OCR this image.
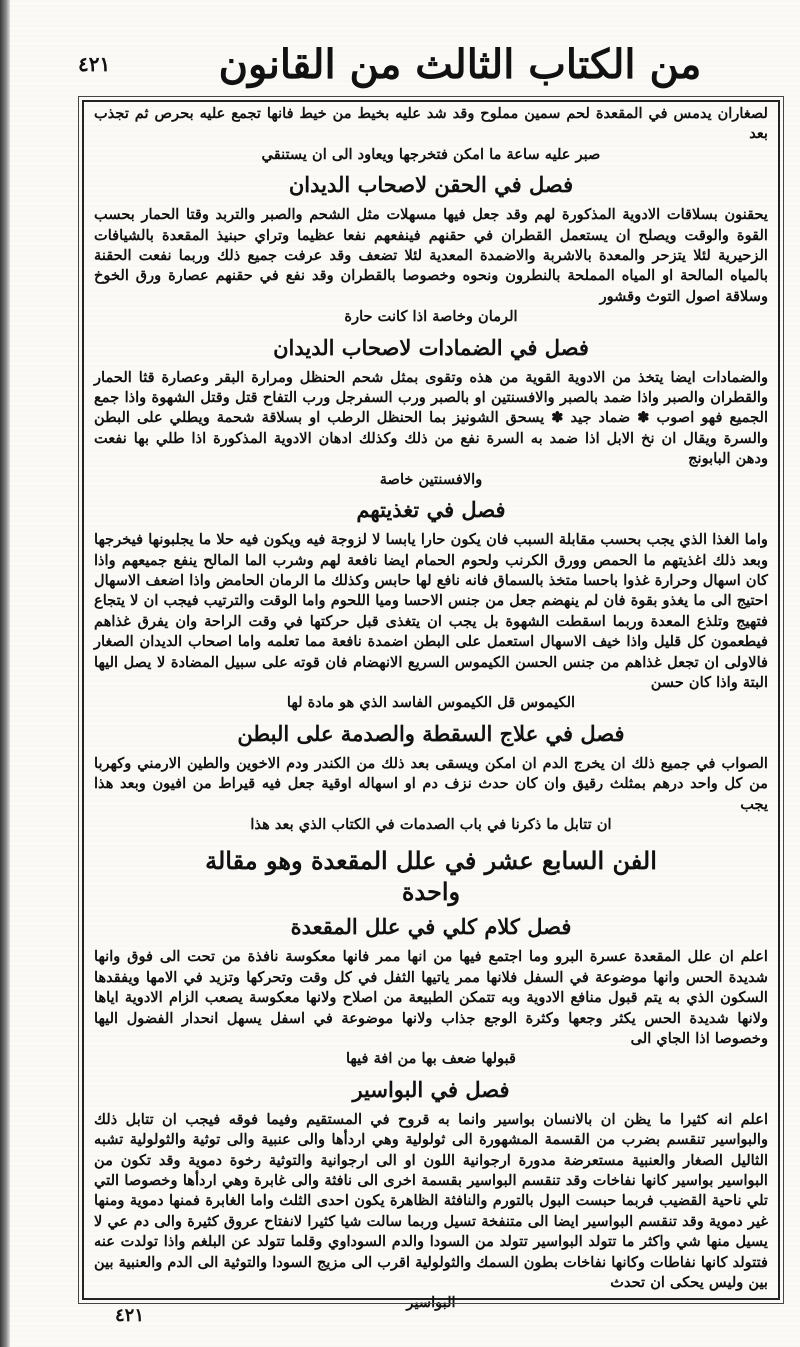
٤٢١	من الكتاب الثالث من القانون

لصغاران يدمس في المقعدة لحم سمين مملوح وقد شد عليه بخيط من خيط فانها تجمع عليه بحرص ثم تجذب بعد

صبر عليه ساعة ما امكن فتخرجها ويعاود الى ان يستنقي

فصل في الحقن لاصحاب الديدان

يحقنون بسلاقات الادوية المذكورة لهم وقد جعل فيها مسهلات مثل الشحم والصبر والتربد وقتا الحمار بحسب القوة والوقت ويصلح ان يستعمل القطران في حقنهم فينفعهم نفعا عظيما وتراي حبنيذ المقعدة بالشيافات الزحيرية لئلا يتزحر والمعدة بالاشربة والاضمدة المعدية لئلا تضعف وقد عرفت جميع ذلك وربما نفعت الحقنة بالمياه المالحة او المياه المملحة بالنطرون ونحوه وخصوصا بالقطران وقد نفع في حقنهم عصارة ورق الخوخ وسلاقة اصول التوث وقشور

الرمان وخاصة اذا كانت حارة

فصل في الضمادات لاصحاب الديدان

والضمادات ايضا يتخذ من الادوية القوية من هذه وتقوى بمثل شحم الحنظل ومرارة البقر وعصارة قثا الحمار والقطران والصبر واذا ضمد بالصبر والافسنتين او بالصبر ورب السفرجل ورب التفاح قتل وقتل الشهوة واذا جمع الجميع فهو اصوب ✽ ضماد جيد ✽ يسحق الشونيز بما الحنظل الرطب او بسلاقة شحمة ويطلي على البطن والسرة ويقال ان نخ الابل اذا ضمد به السرة نفع من ذلك وكذلك ادهان الادوية المذكورة اذا طلي بها نفعت ودهن البابونج

والافسنتين خاصة

فصل في تغذيتهم

واما الغذا الذي يجب بحسب مقابلة السبب فان يكون حارا يابسا لا لزوجة فيه ويكون فيه حلا ما يجلبونها فيخرجها وبعد ذلك اغذيتهم ما الحمص وورق الكرنب ولحوم الحمام ايضا نافعة لهم وشرب الما المالح ينفع جميعهم واذا كان اسهال وحرارة غذوا باحسا متخذ بالسماق فانه نافع لها حابس وكذلك ما الرمان الحامض واذا اضعف الاسهال احتيج الى ما يغذو بقوة فان لم ينهضم جعل من جنس الاحسا وميا اللحوم واما الوقت والترتيب فيجب ان لا يتجاع فتهيج وتلذع المعدة وربما اسقطت الشهوة بل يجب ان يتغذى قبل حركتها في وقت الراحة وان يفرق غذاهم فيطعمون كل قليل واذا خيف الاسهال استعمل على البطن اضمدة نافعة مما تعلمه واما اصحاب الديدان الصغار فالاولى ان تجعل غذاهم من جنس الحسن الكيموس السريع الانهضام فان قوته على سبيل المضادة لا يصل اليها البتة واذا كان حسن

الكيموس قل الكيموس الفاسد الذي هو مادة لها

فصل في علاج السقطة والصدمة على البطن

الصواب في جميع ذلك ان يخرج الدم ان امكن ويسقى بعد ذلك من الكندر ودم الاخوين والطين الارمني وكهربا من كل واحد درهم بمثلث رقيق وان كان حدث نزف دم او اسهاله اوقية جعل فيه قيراط من افيون وبعد هذا يجب

ان تتابل ما ذكرنا في باب الصدمات في الكتاب الذي بعد هذا

الفن السابع عشر في علل المقعدة وهو مقالة
واحدة
فصل كلام كلي في علل المقعدة

اعلم ان علل المقعدة عسرة البرو وما اجتمع فيها من انها ممر فانها معكوسة نافذة من تحت الى فوق وانها شديدة الحس وانها موضوعة في السفل فلانها ممر ياتيها الثفل في كل وقت وتحركها وتزيد في الامها ويفقدها السكون الذي به يتم قبول منافع الادوية وبه تتمكن الطبيعة من اصلاح ولانها معكوسة يصعب الزام الادوية اياها ولانها شديدة الحس يكثر وجعها وكثرة الوجع جذاب ولانها موضوعة في اسفل يسهل انحدار الفضول اليها وخصوصا اذا الجاي الى

قبولها ضعف بها من افة فيها

فصل في البواسير

اعلم انه كثيرا ما يظن ان بالانسان بواسير وانما به قروح في المستقيم وفيما فوقه فيجب ان تتابل ذلك والبواسير تنقسم بضرب من القسمة المشهورة الى ثولولية وهي اردأها والى عنبية والى توثية والثولولية تشبه الثاليل الصغار والعنبية مستعرضة مدورة ارجوانية اللون او الى ارجوانية والتوثية رخوة دموية وقد تكون من البواسير بواسير كانها نفاخات وقد تنقسم البواسير بقسمة اخرى الى نافثة والى غابرة وهي اردأها وخصوصا التي تلي ناحية القضيب فربما حبست البول بالتورم والنافثة الظاهرة يكون احدى الثلث واما الغابرة فمنها دموية ومنها غير دموية وقد تنقسم البواسير ايضا الى متنفخة تسيل وربما سالت شيا كثيرا لانفتاح عروق كثيرة والى دم عي لا يسيل منها شي واكثر ما تتولد البواسير تتولد من السودا والدم السوداوي وقلما تتولد عن البلغم واذا تولدت عنه فتتولد كانها نفاطات وكانها نفاخات بطون السمك والثولولية اقرب الى مزيج السودا والتوثية الى الدم والعنبية بين بين وليس يحكى ان تحدث

البواسير

٤٢١
